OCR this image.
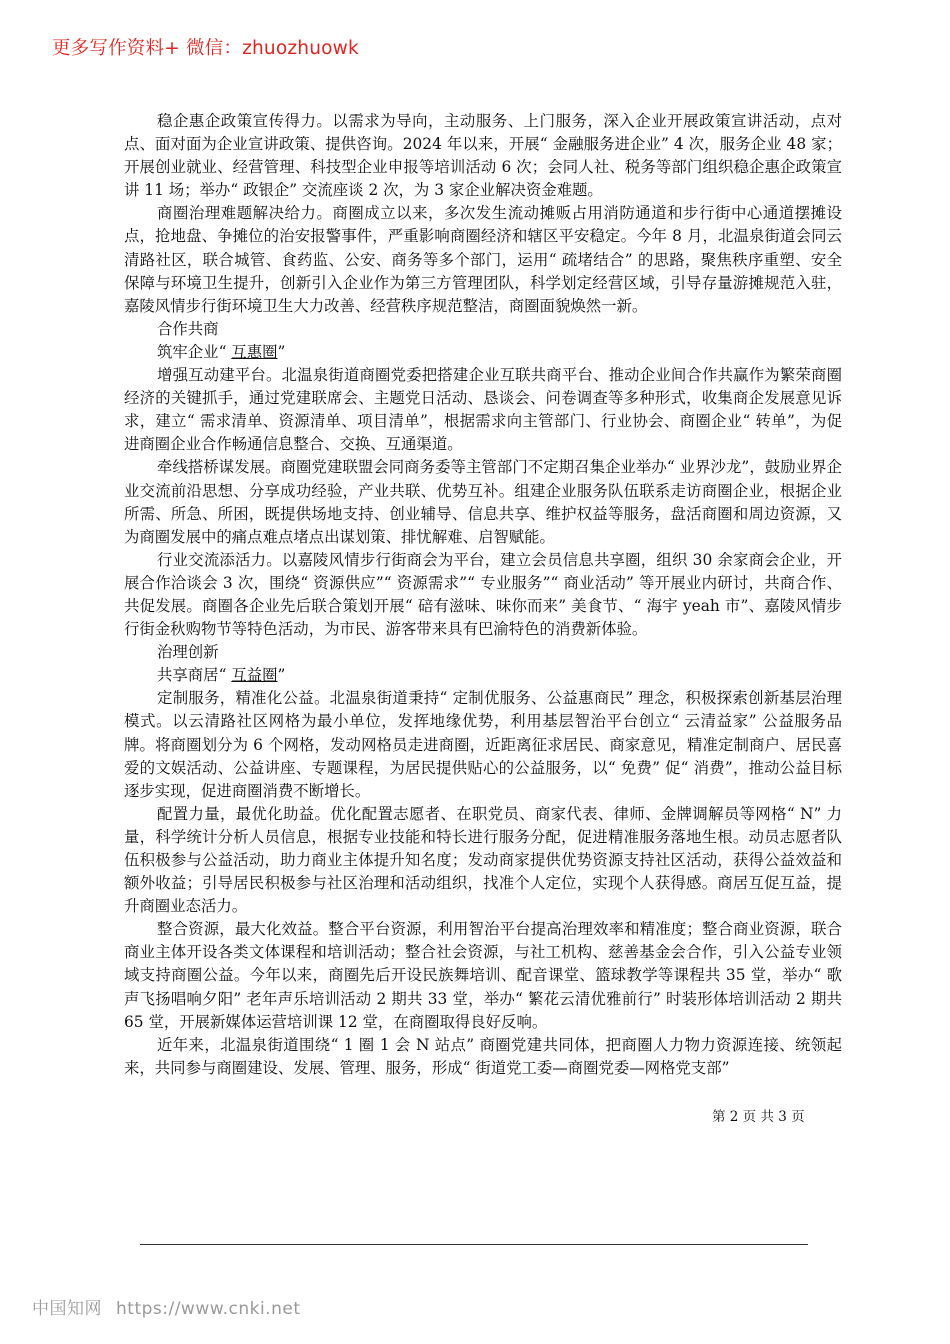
更多写作资料+ 微信：zhuozhuowk

稳企惠企政策宣传得力。以需求为导向，主动服务、上门服务，深入企业开展政策宣讲活动，点对点、面对面为企业宣讲政策、提供咨询。2024 年以来，开展“ 金融服务进企业” 4 次，服务企业 48 家；开展创业就业、经营管理、科技型企业申报等培训活动 6 次；会同人社、税务等部门组织稳企惠企政策宣讲 11 场；举办“ 政银企” 交流座谈 2 次，为 3 家企业解决资金难题。

商圈治理难题解决给力。商圈成立以来，多次发生流动摊贩占用消防通道和步行街中心通道摆摊设点，抢地盘、争摊位的治安报警事件，严重影响商圈经济和辖区平安稳定。今年 8 月，北温泉街道会同云清路社区，联合城管、食药监、公安、商务等多个部门，运用“ 疏堵结合” 的思路，聚焦秩序重塑、安全保障与环境卫生提升，创新引入企业作为第三方管理团队，科学划定经营区域，引导存量游摊规范入驻，嘉陵风情步行街环境卫生大力改善、经营秩序规范整洁，商圈面貌焕然一新。

合作共商

筑牢企业“ 互惠圈”

增强互动建平台。北温泉街道商圈党委把搭建企业互联共商平台、推动企业间合作共赢作为繁荣商圈经济的关键抓手，通过党建联席会、主题党日活动、恳谈会、问卷调查等多种形式，收集商企发展意见诉求，建立“ 需求清单、资源清单、项目清单”，根据需求向主管部门、行业协会、商圈企业“ 转单”，为促进商圈企业合作畅通信息整合、交换、互通渠道。

牵线搭桥谋发展。商圈党建联盟会同商务委等主管部门不定期召集企业举办“ 业界沙龙”，鼓励业界企业交流前沿思想、分享成功经验，产业共联、优势互补。组建企业服务队伍联系走访商圈企业，根据企业所需、所急、所困，既提供场地支持、创业辅导、信息共享、维护权益等服务，盘活商圈和周边资源，又为商圈发展中的痛点难点堵点出谋划策、排忧解难、启智赋能。

行业交流添活力。以嘉陵风情步行街商会为平台，建立会员信息共享圈，组织 30 余家商会企业，开展合作洽谈会 3 次，围绕“ 资源供应”“ 资源需求”“ 专业服务”“ 商业活动” 等开展业内研讨，共商合作、共促发展。商圈各企业先后联合策划开展“ 碚有滋味、味你而来” 美食节、“ 海宇 yeah 市”、嘉陵风情步行街金秋购物节等特色活动，为市民、游客带来具有巴渝特色的消费新体验。

治理创新

共享商居“ 互益圈”

定制服务，精准化公益。北温泉街道秉持“ 定制优服务、公益惠商民” 理念，积极探索创新基层治理模式。以云清路社区网格为最小单位，发挥地缘优势，利用基层智治平台创立“ 云清益家” 公益服务品牌。将商圈划分为 6 个网格，发动网格员走进商圈，近距离征求居民、商家意见，精准定制商户、居民喜爱的文娱活动、公益讲座、专题课程，为居民提供贴心的公益服务，以“ 免费” 促“ 消费”，推动公益目标逐步实现，促进商圈消费不断增长。

配置力量，最优化助益。优化配置志愿者、在职党员、商家代表、律师、金牌调解员等网格“ N” 力量，科学统计分析人员信息，根据专业技能和特长进行服务分配，促进精准服务落地生根。动员志愿者队伍积极参与公益活动，助力商业主体提升知名度；发动商家提供优势资源支持社区活动，获得公益效益和额外收益；引导居民积极参与社区治理和活动组织，找准个人定位，实现个人获得感。商居互促互益，提升商圈业态活力。

整合资源，最大化效益。整合平台资源，利用智治平台提高治理效率和精准度；整合商业资源，联合商业主体开设各类文体课程和培训活动；整合社会资源，与社工机构、慈善基金会合作，引入公益专业领域支持商圈公益。今年以来，商圈先后开设民族舞培训、配音课堂、篮球教学等课程共 35 堂，举办“ 歌声飞扬唱响夕阳” 老年声乐培训活动 2 期共 33 堂，举办“ 繁花云清优雅前行” 时装形体培训活动 2 期共 65 堂，开展新媒体运营培训课 12 堂，在商圈取得良好反响。

近年来，北温泉街道围绕“ 1 圈 1 会 N 站点” 商圈党建共同体，把商圈人力物力资源连接、统领起来，共同参与商圈建设、发展、管理、服务，形成“ 街道党工委—商圈党委—网格党支部”

第 2 页 共 3 页
中国知网 https://www.cnki.net
